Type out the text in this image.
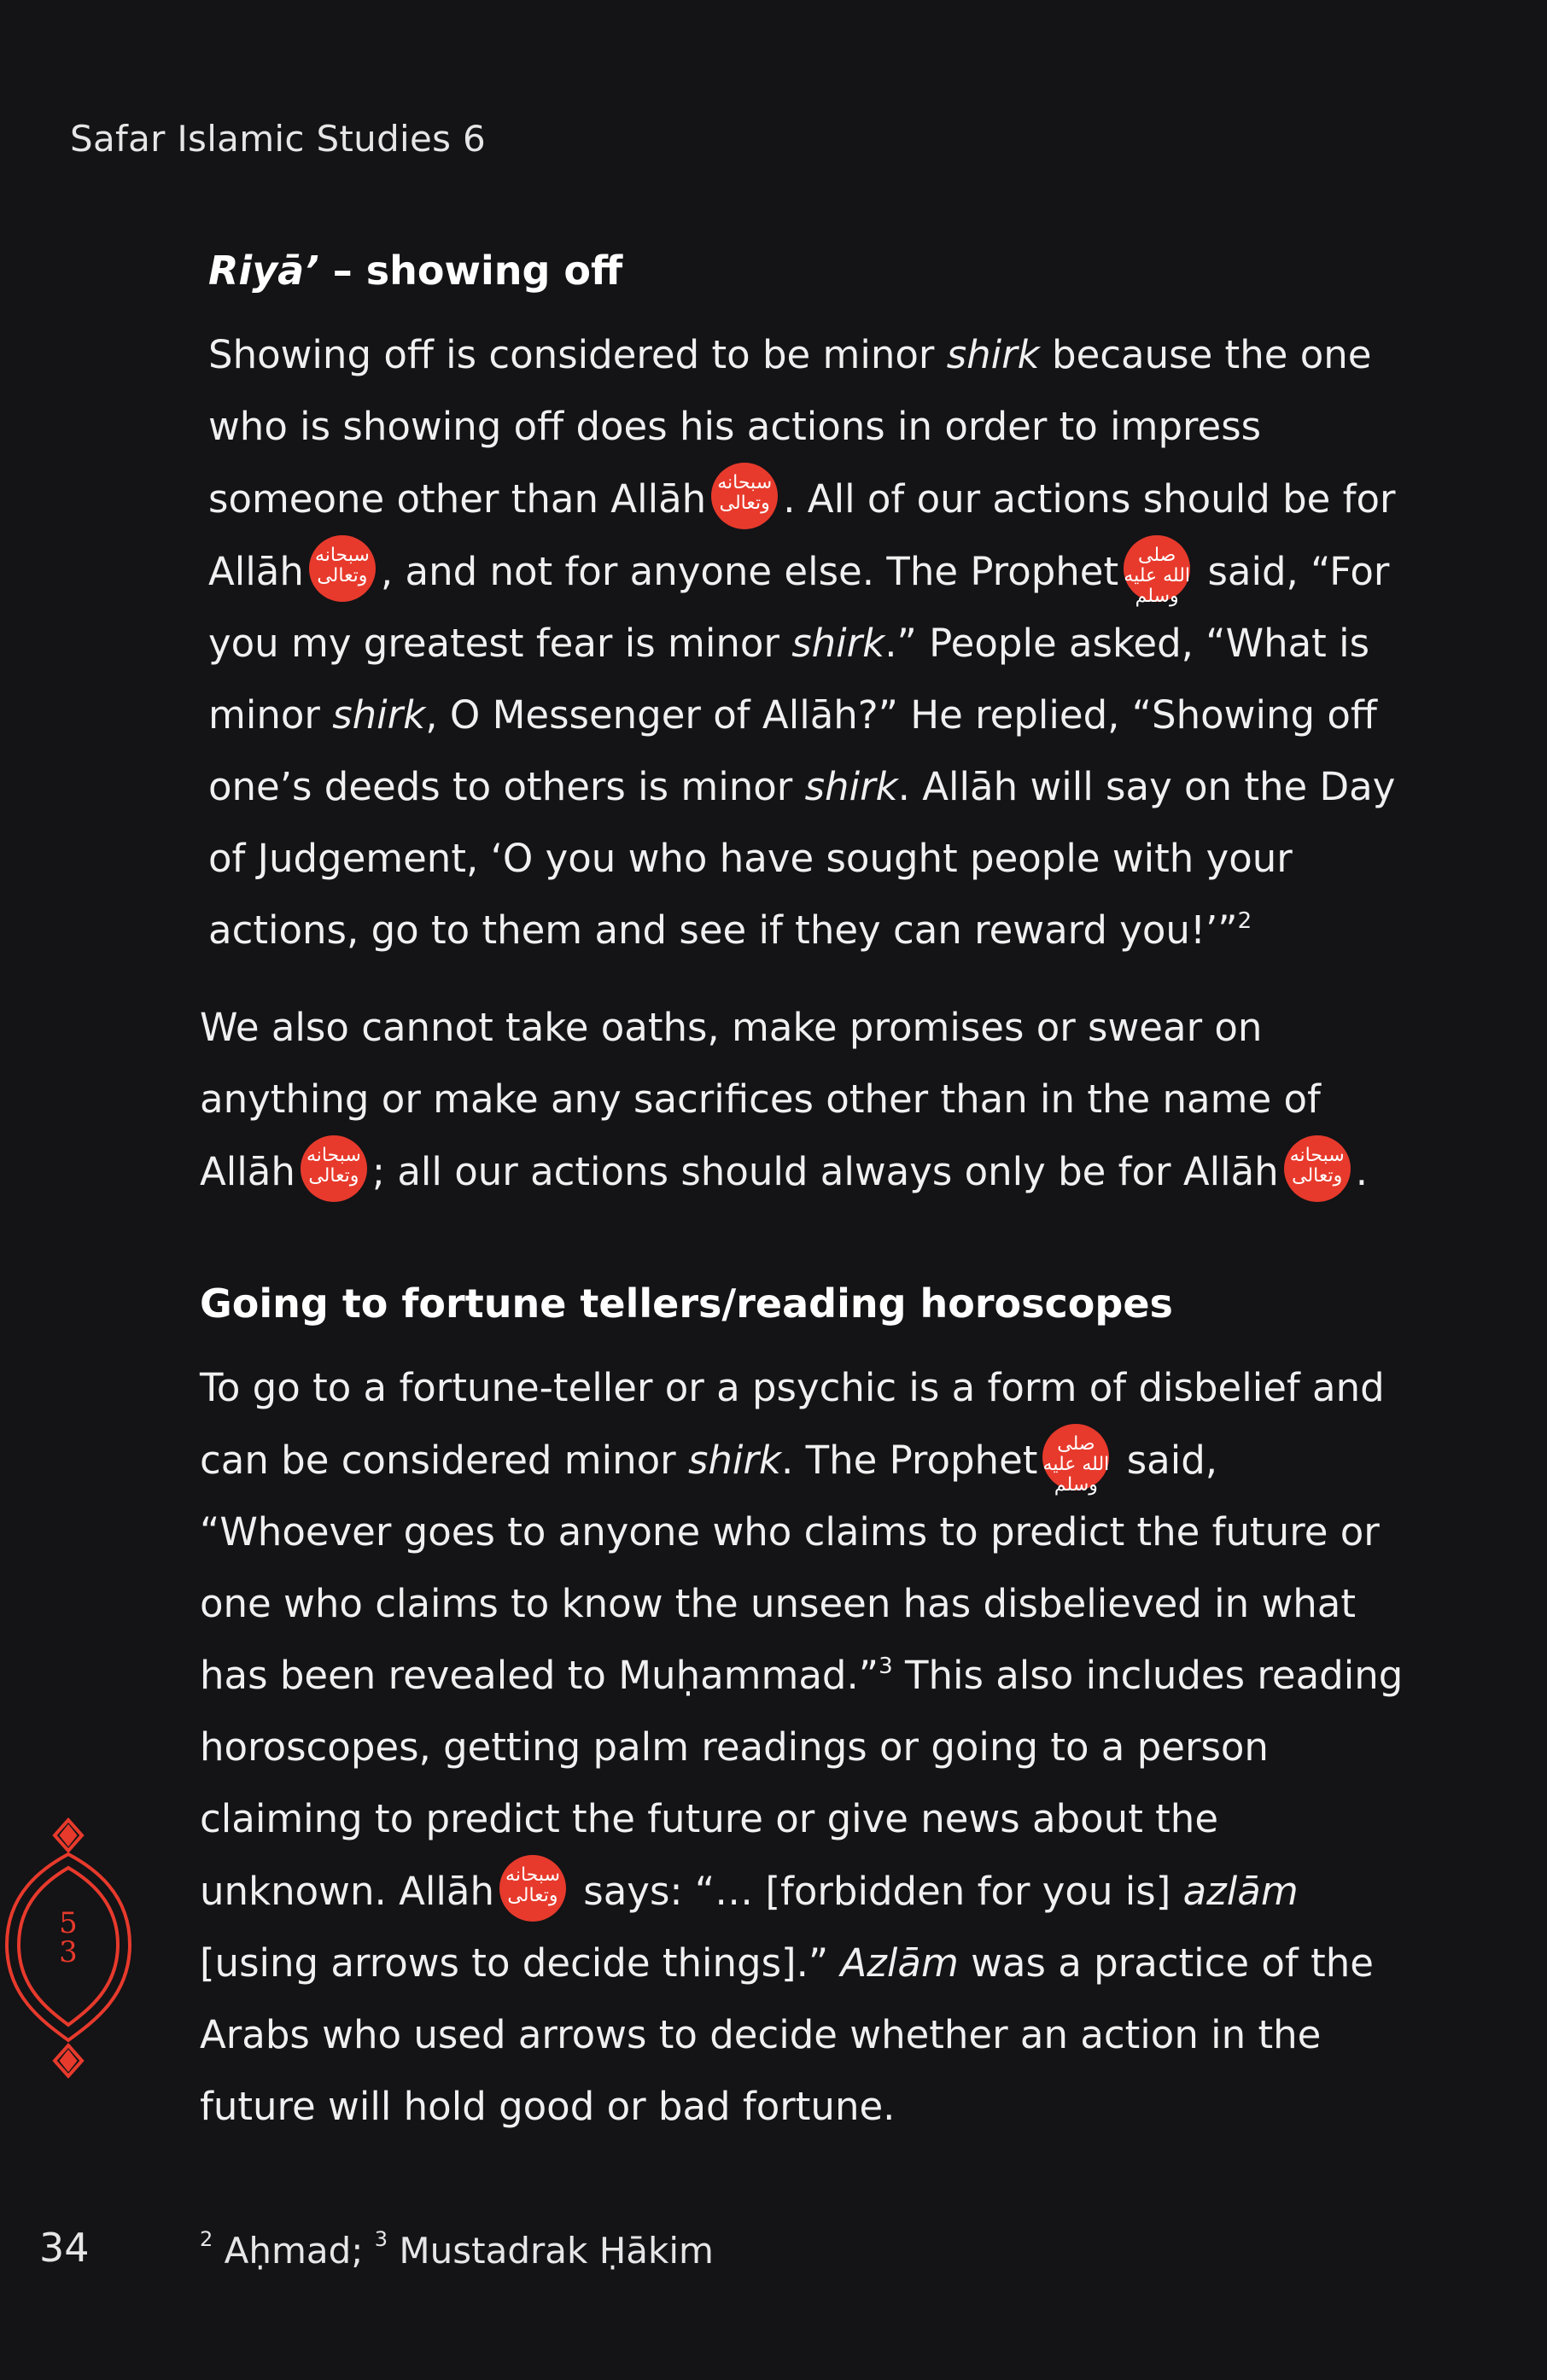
Safar Islamic Studies 6
Riyā’ – showing off

Showing off is considered to be minor shirk because the one who is showing off does his actions in order to impress someone other than Allāh سبحانه وتعالى . All of our actions should be for Allāh سبحانه وتعالى , and not for anyone else. The Prophet	صلى الله عليه وسلم
said, “For you my greatest fear is minor shirk.” People asked, “What is minor shirk, O Messenger of Allāh?” He replied, “Showing off one’s deeds to others is minor shirk. Allāh will say on the Day of Judgement, ‘O you who have sought people with your actions, go to them and see if they can reward you!’”$^2$

We also cannot take oaths, make promises or swear on anything or make any sacrifices other than in the name of Allāh سبحانه وتعالى ; all our actions should always only be for Allāh سبحانه وتعالى .

Going to fortune tellers/reading horoscopes

To go to a fortune-teller or a psychic is a form of disbelief and can be considered minor shirk. The Prophet	صلى الله عليه وسلم
said, “Whoever goes to anyone who claims to predict the future or one who claims to know the unseen has disbelieved in what has been revealed to Muḥammad.”$^3$ This also includes reading horoscopes, getting palm readings or going to a person claiming to predict the future or give news about the unknown. Allāh سبحانه وتعالى says: “… [forbidden for you is] azlām [using arrows to decide things].” Azlām was a practice of the Arabs who used arrows to decide whether an action in the future will hold good or bad fortune.

5
3
34	$^2$ Aḥmad; $^3$ Mustadrak Ḥākim
